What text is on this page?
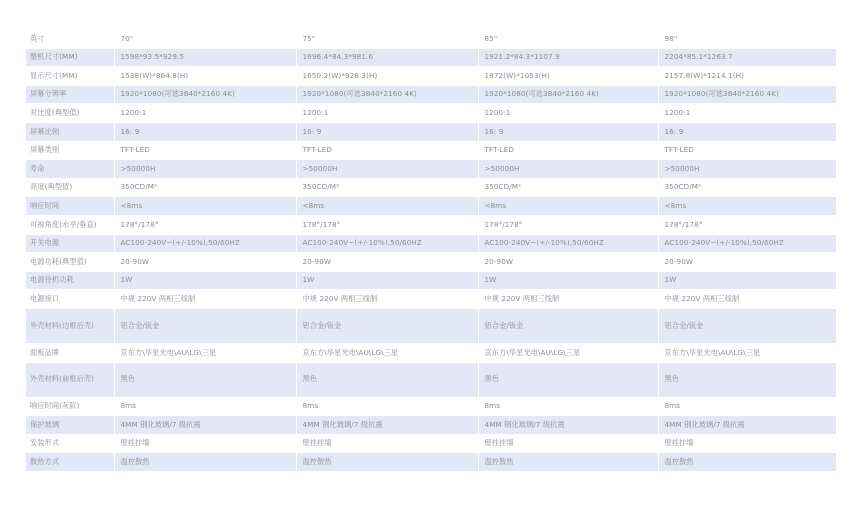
英寸	70"	75"	85"	98"
整机尺寸(MM)	1598*93.5*929.5	1696.4*84.3*981.6	1921.2*84.3*1107.9	2204*85.1*1263.7
显示尺寸(MM)	1538(W)*864.8(H)	1650.2(W)*928.3(H)	1872(W)*1053(H)	2157.8(W)*1214.1(H)
屏幕分辨率	1920*1080(可选3840*2160 4K)	1920*1080(可选3840*2160 4K)	1920*1080(可选3840*2160 4K)	1920*1080(可选3840*2160 4K)
对比度(典型值)	1200:1	1200:1	1200:1	1200:1
屏幕比例	16: 9	16: 9	16: 9	16: 9
屏幕类别	TFT-LED	TFT-LED	TFT-LED	TFT-LED
寿命	>50000H	>50000H	>50000H	>50000H
亮度(典型值)	350CD/M²	350CD/M²	350CD/M²	350CD/M²
响应时间	<8ms	<8ms	<8ms	<8ms
可视角度(水平/垂直)	178°/178°	178°/178°	178°/178°	178°/178°
开关电源	AC100-240V~(+/-10%),50/60HZ	AC100-240V~(+/-10%),50/60HZ	AC100-240V~(+/-10%),50/60HZ	AC100-240V~(+/-10%),50/60HZ
电源功耗(典型值)	20-90W	20-90W	20-90W	20-90W
电源待机功耗	1W	1W	1W	1W
电源接口	中规 220V 两相三线制	中规 220V 两相三线制	中规 220V 两相三线制	中规 220V 两相三线制
外壳材料(边框后壳)	铝合金/钣金	铝合金/钣金	铝合金/钣金	铝合金/钣金
面板品牌	京东方\华星光电\AU\LG\三星	京东方\华星光电\AU\LG\三星	京东方\华星光电\AU\LG\三星	京东方\华星光电\AU\LG\三星
外壳材料(前框后壳)	黑色	黑色	黑色	黑色
响应时间(灰阶)	8ms	8ms	8ms	8ms
保护玻璃	4MM 钢化玻璃/7 级抗震	4MM 钢化玻璃/7 级抗震	4MM 钢化玻璃/7 级抗震	4MM 钢化玻璃/7 级抗震
安装形式	壁挂挂墙	壁挂挂墙	壁挂挂墙	壁挂挂墙
散热方式	温控散热	温控散热	温控散热	温控散热
